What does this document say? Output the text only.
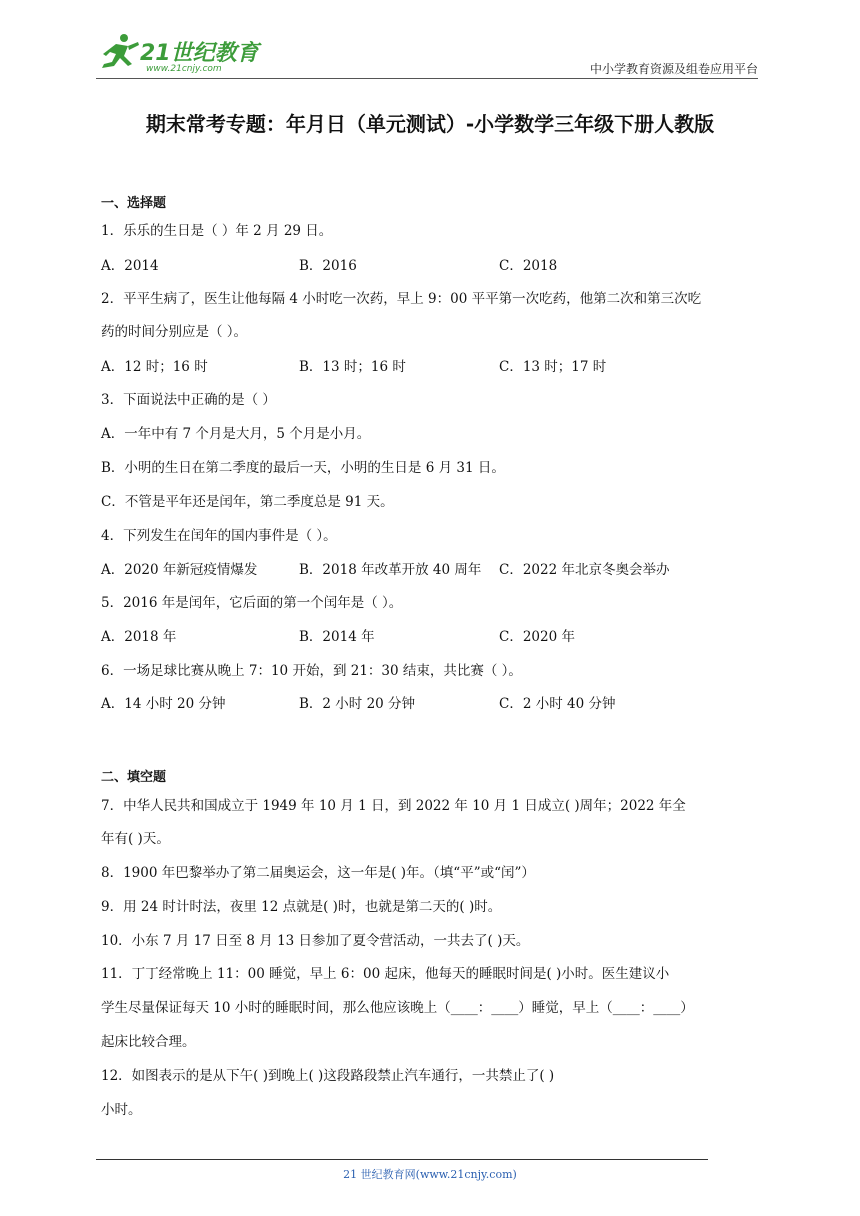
21世纪教育
www.21cnjy.com	中小学教育资源及组卷应用平台
期末常考专题：年月日（单元测试）-小学数学三年级下册人教版
一、选择题
1．乐乐的生日是（ ）年 2 月 29 日。
A．2014	B．2016	C．2018
2．平平生病了，医生让他每隔 4 小时吃一次药，早上 9：00 平平第一次吃药，他第二次和第三次吃
药的时间分别应是（ ）。
A．12 时；16 时	B．13 时；16 时	C．13 时；17 时
3．下面说法中正确的是（ ）
A．一年中有 7 个月是大月，5 个月是小月。
B．小明的生日在第二季度的最后一天，小明的生日是 6 月 31 日。
C．不管是平年还是闰年，第二季度总是 91 天。
4．下列发生在闰年的国内事件是（ ）。
A．2020 年新冠疫情爆发	B．2018 年改革开放 40 周年 C．2022 年北京冬奥会举办
5．2016 年是闰年，它后面的第一个闰年是（ ）。
A．2018 年	B．2014 年	C．2020 年
6．一场足球比赛从晚上 7：10 开始，到 21：30 结束，共比赛（ ）。
A．14 小时 20 分钟	B．2 小时 20 分钟	C．2 小时 40 分钟
二、填空题
7．中华人民共和国成立于 1949 年 10 月 1 日，到 2022 年 10 月 1 日成立( )周年；2022 年全
年有( )天。
8．1900 年巴黎举办了第二届奥运会，这一年是( )年。（填“平”或“闰”）
9．用 24 时计时法，夜里 12 点就是( )时，也就是第二天的( )时。
10．小东 7 月 17 日至 8 月 13 日参加了夏令营活动，一共去了( )天。
11．丁丁经常晚上 11：00 睡觉，早上 6：00 起床，他每天的睡眠时间是( )小时。医生建议小
学生尽量保证每天 10 小时的睡眠时间，那么他应该晚上（____：____）睡觉，早上（____：____）
起床比较合理。
12．如图表示的是从下午( )到晚上( )这段路段禁止汽车通行，一共禁止了( )
小时。
21 世纪教育网(www.21cnjy.com)
